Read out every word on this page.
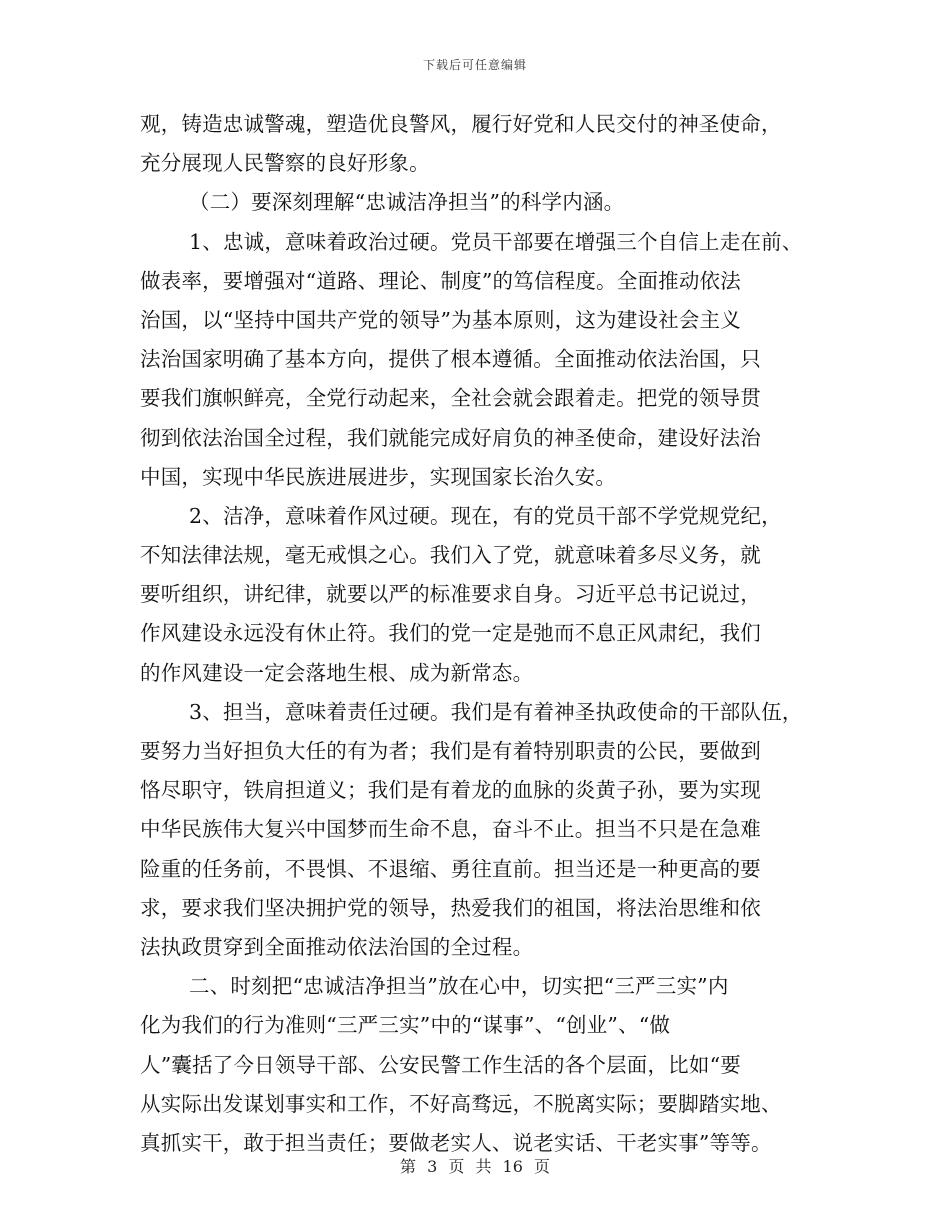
下载后可任意编辑
观，铸造忠诚警魂，塑造优良警风，履行好党和人民交付的神圣使命，
充分展现人民警察的良好形象。
（二）要深刻理解“忠诚洁净担当”的科学内涵。
1、忠诚，意味着政治过硬。党员干部要在增强三个自信上走在前、
做表率，要增强对“道路、理论、制度”的笃信程度。全面推动依法
治国，以“坚持中国共产党的领导”为基本原则，这为建设社会主义
法治国家明确了基本方向，提供了根本遵循。全面推动依法治国，只
要我们旗帜鲜亮，全党行动起来，全社会就会跟着走。把党的领导贯
彻到依法治国全过程，我们就能完成好肩负的神圣使命，建设好法治
中国，实现中华民族进展进步，实现国家长治久安。
2、洁净，意味着作风过硬。现在，有的党员干部不学党规党纪，
不知法律法规，毫无戒惧之心。我们入了党，就意味着多尽义务，就
要听组织，讲纪律，就要以严的标准要求自身。习近平总书记说过，
作风建设永远没有休止符。我们的党一定是弛而不息正风肃纪，我们
的作风建设一定会落地生根、成为新常态。
3、担当，意味着责任过硬。我们是有着神圣执政使命的干部队伍，
要努力当好担负大任的有为者；我们是有着特别职责的公民，要做到
恪尽职守，铁肩担道义；我们是有着龙的血脉的炎黄子孙，要为实现
中华民族伟大复兴中国梦而生命不息，奋斗不止。担当不只是在急难
险重的任务前，不畏惧、不退缩、勇往直前。担当还是一种更高的要
求，要求我们坚决拥护党的领导，热爱我们的祖国，将法治思维和依
法执政贯穿到全面推动依法治国的全过程。
二、时刻把“忠诚洁净担当”放在心中，切实把“三严三实”内
化为我们的行为准则“三严三实”中的“谋事”、“创业”、“做
人”囊括了今日领导干部、公安民警工作生活的各个层面，比如“要
从实际出发谋划事实和工作，不好高骛远，不脱离实际；要脚踏实地、
真抓实干，敢于担当责任；要做老实人、说老实话、干老实事”等等。
第 3 页 共 16 页
